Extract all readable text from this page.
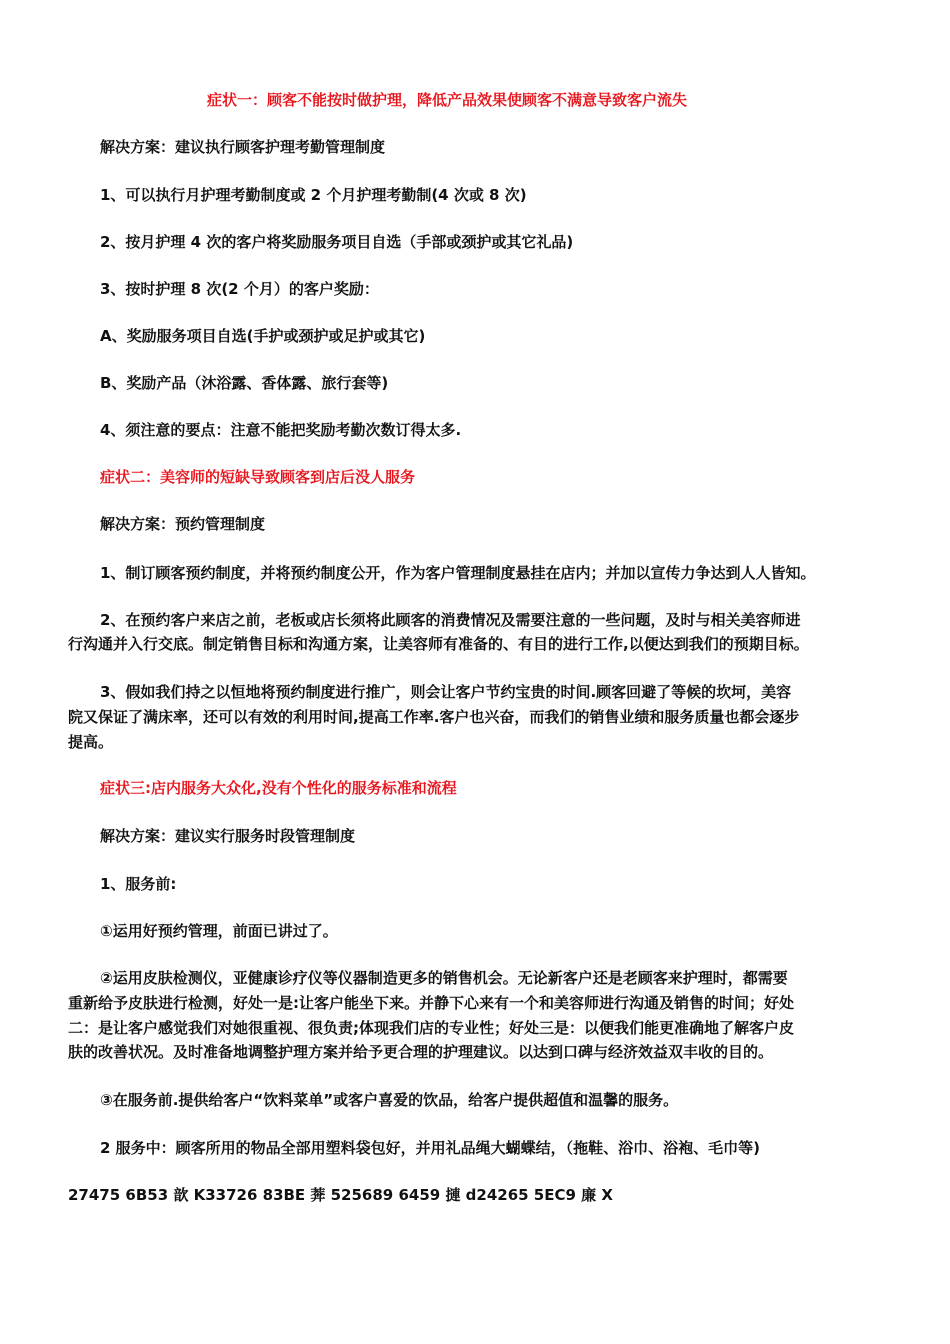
症状一：顾客不能按时做护理，降低产品效果使顾客不满意导致客户流失
解决方案：建议执行顾客护理考勤管理制度
1、可以执行月护理考勤制度或 2 个月护理考勤制(4 次或 8 次)
2、按月护理 4 次的客户将奖励服务项目自选（手部或颈护或其它礼品)
3、按时护理 8 次(2 个月）的客户奖励：
A、奖励服务项目自选(手护或颈护或足护或其它)
B、奖励产品（沐浴露、香体露、旅行套等)
4、须注意的要点：注意不能把奖励考勤次数订得太多.
症状二：美容师的短缺导致顾客到店后没人服务
解决方案：预约管理制度
1、制订顾客预约制度，并将预约制度公开，作为客户管理制度悬挂在店内；并加以宣传力争达到人人皆知。
2、在预约客户来店之前，老板或店长须将此顾客的消费情况及需要注意的一些问题，及时与相关美容师进
行沟通并入行交底。制定销售目标和沟通方案，让美容师有准备的、有目的进行工作,以便达到我们的预期目标。
3、假如我们持之以恒地将预约制度进行推广，则会让客户节约宝贵的时间.顾客回避了等候的坎坷，美容
院又保证了满床率，还可以有效的利用时间,提高工作率.客户也兴奋，而我们的销售业绩和服务质量也都会逐步
提高。
症状三:店内服务大众化,没有个性化的服务标准和流程
解决方案：建议实行服务时段管理制度
1、服务前:
①运用好预约管理，前面已讲过了。
②运用皮肤检测仪，亚健康诊疗仪等仪器制造更多的销售机会。无论新客户还是老顾客来护理时，都需要
重新给予皮肤进行检测，好处一是:让客户能坐下来。并静下心来有一个和美容师进行沟通及销售的时间；好处
二：是让客户感觉我们对她很重视、很负责;体现我们店的专业性；好处三是：以便我们能更准确地了解客户皮
肤的改善状况。及时准备地调整护理方案并给予更合理的护理建议。以达到口碑与经济效益双丰收的目的。
③在服务前.提供给客户“饮料菜单”或客户喜爱的饮品，给客户提供超值和温馨的服务。
2 服务中：顾客所用的物品全部用塑料袋包好，并用礼品绳大蝴蝶结，（拖鞋、浴巾、浴袍、毛巾等)
27475 6B53 歆 K33726 83BE 莾 525689 6459 摙 d24265 5EC9 廉 X
